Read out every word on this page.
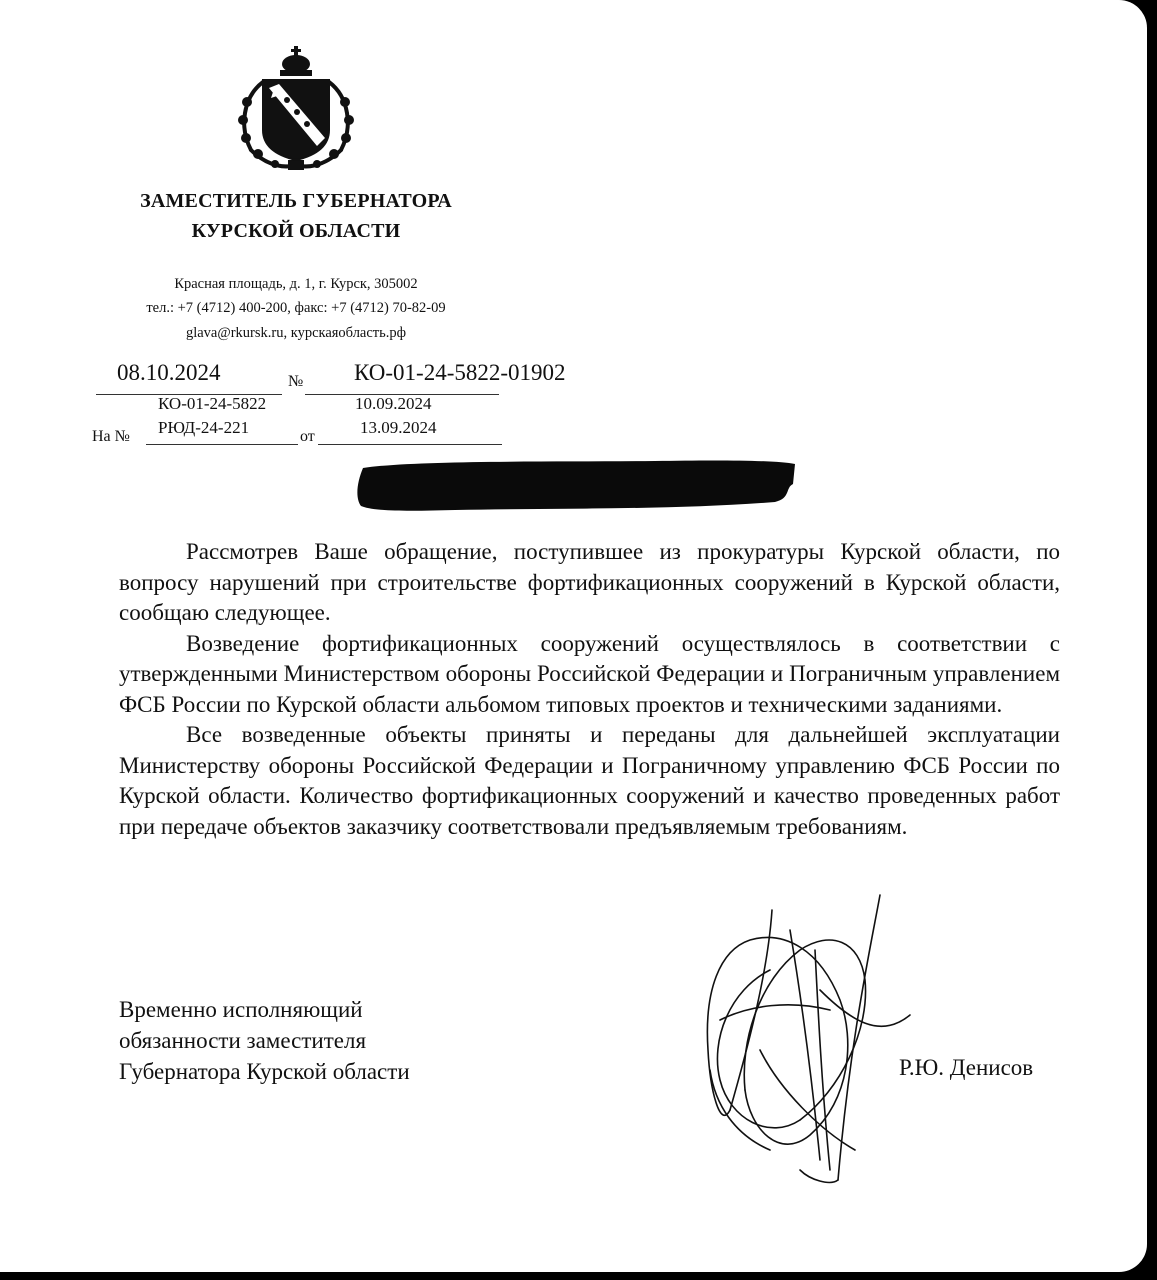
ЗАМЕСТИТЕЛЬ ГУБЕРНАТОРА
КУРСКОЙ ОБЛАСТИ
Красная площадь, д. 1, г. Курск, 305002
тел.: +7 (4712) 400-200, факс: +7 (4712) 70-82-09
glava@rkursk.ru, курскаяобласть.рф
08.10.2024	№ КО-01-24-5822-01902
КО-01-24-5822	10.09.2024
На № РЮД-24-221	от	13.09.2024

Рассмотрев Ваше обращение, поступившее из прокуратуры Курской области, по вопросу нарушений при строительстве фортификационных сооружений в Курской области, сообщаю следующее.

Возведение фортификационных сооружений осуществлялось в соответствии с утвержденными Министерством обороны Российской Федерации и Пограничным управлением ФСБ России по Курской области альбомом типовых проектов и техническими заданиями.

Все возведенные объекты приняты и переданы для дальнейшей эксплуатации Министерству обороны Российской Федерации и Пограничному управлению ФСБ России по Курской области. Количество фортификационных сооружений и качество проведенных работ при передаче объектов заказчику соответствовали предъявляемым требованиям.

Временно исполняющий
обязанности заместителя
Губернатора Курской области	Р.Ю. Денисов
